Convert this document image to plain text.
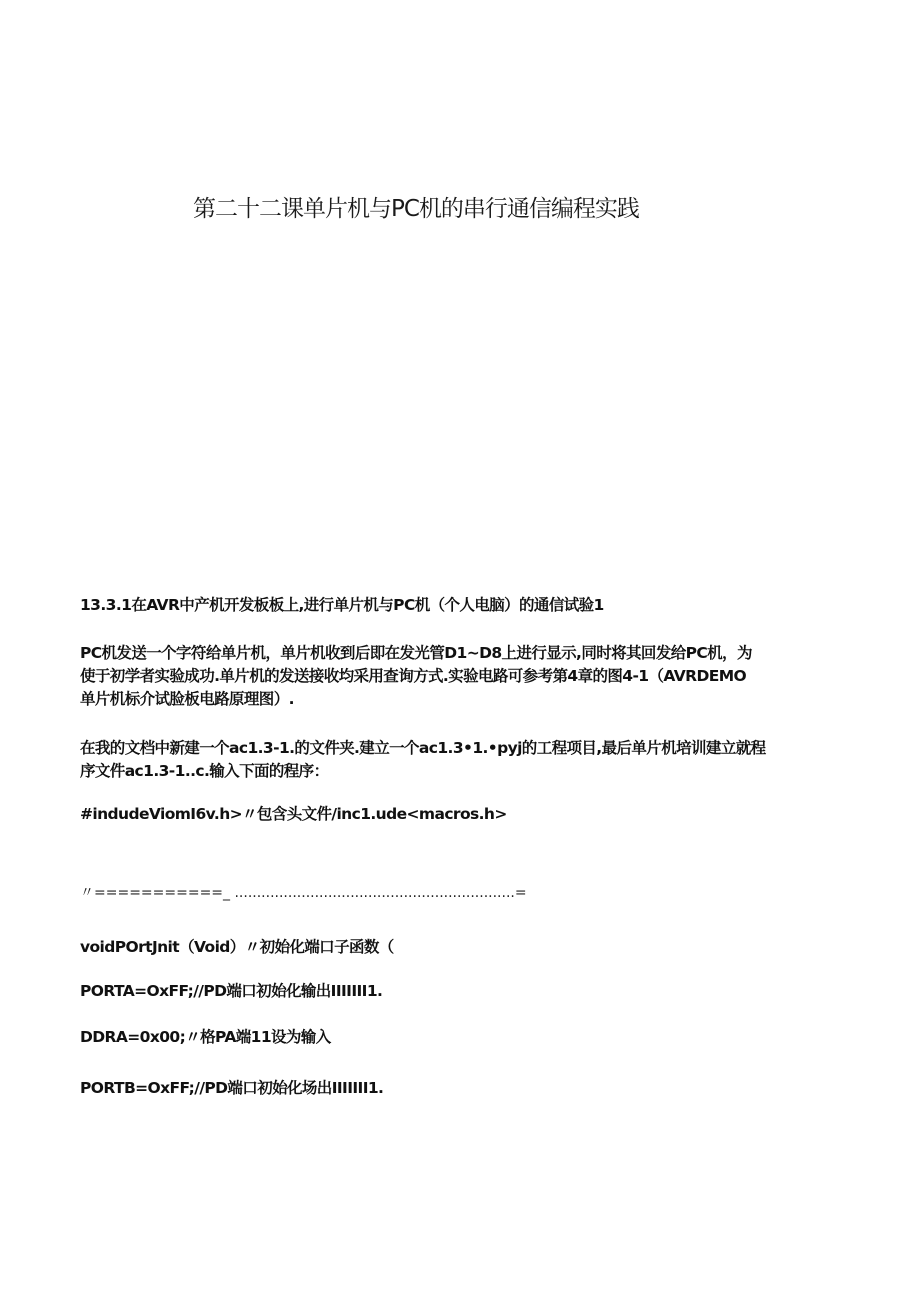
第二十二课单片机与PC机的串行通信编程实践
13.3.1在AVR中产机开发板板上,进行单片机与PC机（个人电脑）的通信试验1
PC机发送一个字符给单片机，单片机收到后即在发光管D1~D8上进行显示,同时将其回发给PC机，为
使于初学者实验成功.单片机的发送接收均采用查询方式.实验电路可参考第4章的图4-1（AVRDEMO
单片机标介试脸板电路原理图）.
在我的文档中新建一个ac1.3-1.的文件夹.建立一个ac1.3•1.•pyj的工程项目,最后单片机培训建立就程
序文件ac1.3-1..c.输入下面的程序：
#indudeViomI6v.h>〃包含头文件/inc1.ude<macros.h>
〃===========_ ...............................................................=
voidPOrtJnit（Void）〃初始化端口子函数（
PORTA=OxFF;//PD端口初始化输出IIIIIII1.
DDRA=0x00;〃格PA端11设为输入
PORTB=OxFF;//PD端口初始化场出IIIIIII1.
